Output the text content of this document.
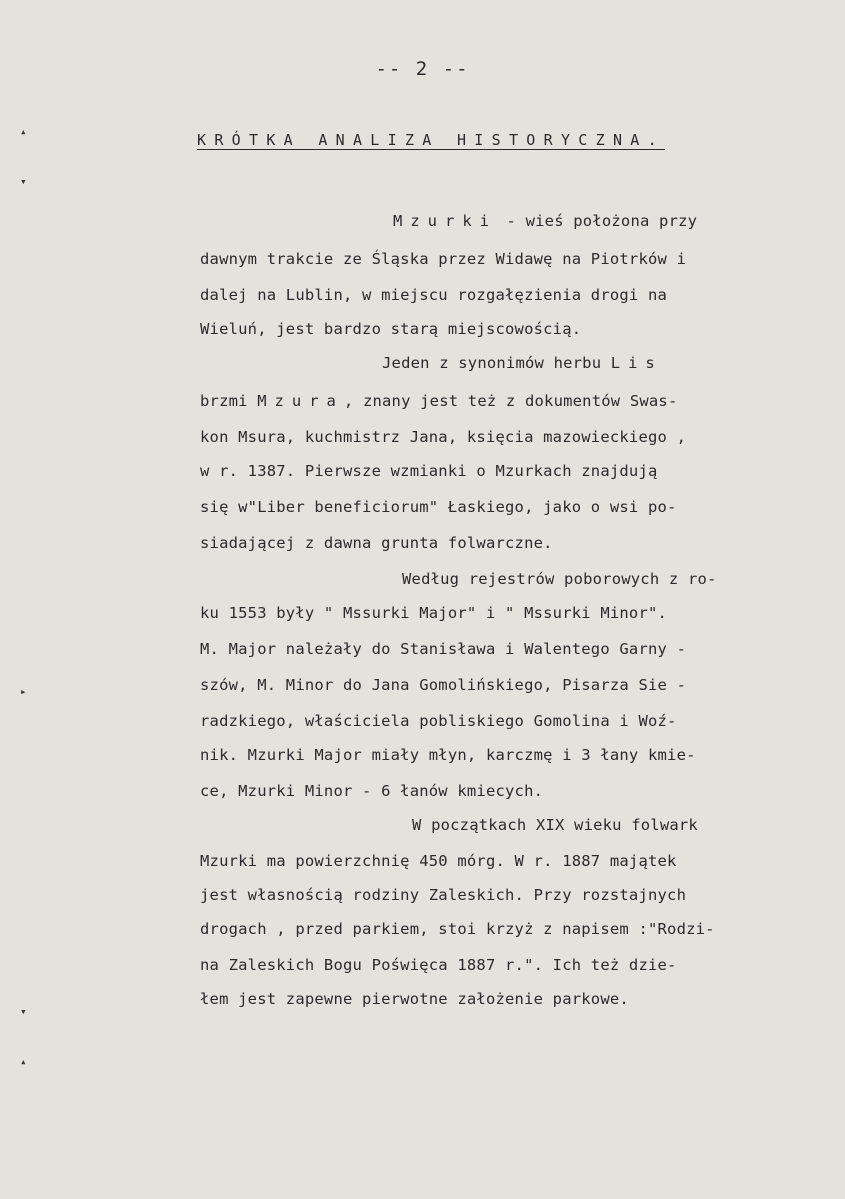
-- 2 --
KRÓTKA ANALIZA HISTORYCZNA.
Mzurki - wieś położona przy
dawnym trakcie ze Śląska przez Widawę na Piotrków i
dalej na Lublin, w miejscu rozgałęzienia drogi na
Wieluń, jest bardzo starą miejscowością.
Jeden z synonimów herbu Lis
brzmi Mzura, znany jest też z dokumentów Swas-
kon Msura, kuchmistrz Jana, księcia mazowieckiego ,
w r. 1387. Pierwsze wzmianki o Mzurkach znajdują
się w"Liber beneficiorum" Łaskiego, jako o wsi po-
siadającej z dawna grunta folwarczne.
Według rejestrów poborowych z ro-
ku 1553 były " Mssurki Major" i " Mssurki Minor".
M. Major należały do Stanisława i Walentego Garny -
szów, M. Minor do Jana Gomolińskiego, Pisarza Sie -
radzkiego, właściciela pobliskiego Gomolina i Woź-
nik. Mzurki Major miały młyn, karczmę i 3 łany kmie-
ce, Mzurki Minor - 6 łanów kmiecych.
W początkach XIX wieku folwark
Mzurki ma powierzchnię 450 mórg. W r. 1887 majątek
jest własnością rodziny Zaleskich. Przy rozstajnych
drogach , przed parkiem, stoi krzyż z napisem :"Rodzi-
na Zaleskich Bogu Poświęca 1887 r.". Ich też dzie-
łem jest zapewne pierwotne założenie parkowe.
▴
▾
▸
▾
▴
